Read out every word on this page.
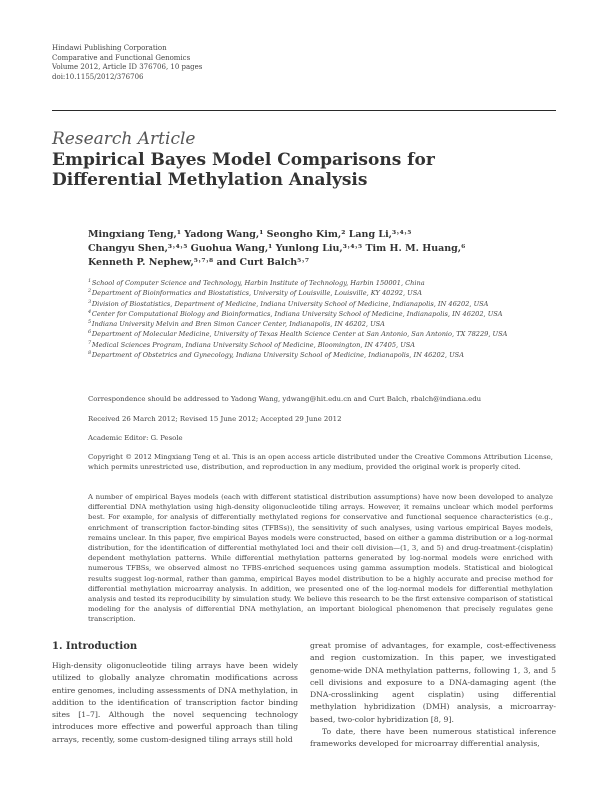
Hindawi Publishing Corporation
Comparative and Functional Genomics
Volume 2012, Article ID 376706, 10 pages
doi:10.1155/2012/376706
Research Article
Empirical Bayes Model Comparisons for
Differential Methylation Analysis
Mingxiang Teng,¹ Yadong Wang,¹ Seongho Kim,² Lang Li,³˒⁴˒⁵
Changyu Shen,³˒⁴˒⁵ Guohua Wang,¹ Yunlong Liu,³˒⁴˒⁵ Tim H. M. Huang,⁶
Kenneth P. Nephew,⁵˒⁷˒⁸ and Curt Balch⁵˒⁷
$^1$ School of Computer Science and Technology, Harbin Institute of Technology, Harbin 150001, China
$^2$ Department of Bioinformatics and Biostatistics, University of Louisville, Louisville, KY 40292, USA
$^3$ Division of Biostatistics, Department of Medicine, Indiana University School of Medicine, Indianapolis, IN 46202, USA
$^4$ Center for Computational Biology and Bioinformatics, Indiana University School of Medicine, Indianapolis, IN 46202, USA
$^5$ Indiana University Melvin and Bren Simon Cancer Center, Indianapolis, IN 46202, USA
$^6$ Department of Molecular Medicine, University of Texas Health Science Center at San Antonio, San Antonio, TX 78229, USA
$^7$ Medical Sciences Program, Indiana University School of Medicine, Bloomington, IN 47405, USA
$^8$ Department of Obstetrics and Gynecology, Indiana University School of Medicine, Indianapolis, IN 46202, USA
Correspondence should be addressed to Yadong Wang, ydwang@hit.edu.cn and Curt Balch, rbalch@indiana.edu
Received 26 March 2012; Revised 15 June 2012; Accepted 29 June 2012
Academic Editor: G. Pesole
Copyright © 2012 Mingxiang Teng et al. This is an open access article distributed under the Creative Commons Attribution License, which permits unrestricted use, distribution, and reproduction in any medium, provided the original work is properly cited.
A number of empirical Bayes models (each with different statistical distribution assumptions) have now been developed to analyze differential DNA methylation using high-density oligonucleotide tiling arrays. However, it remains unclear which model performs best. For example, for analysis of differentially methylated regions for conservative and functional sequence characteristics (e.g., enrichment of transcription factor-binding sites (TFBSs)), the sensitivity of such analyses, using various empirical Bayes models, remains unclear. In this paper, five empirical Bayes models were constructed, based on either a gamma distribution or a log-normal distribution, for the identification of differential methylated loci and their cell division—(1, 3, and 5) and drug-treatment-(cisplatin) dependent methylation patterns. While differential methylation patterns generated by log-normal models were enriched with numerous TFBSs, we observed almost no TFBS-enriched sequences using gamma assumption models. Statistical and biological results suggest log-normal, rather than gamma, empirical Bayes model distribution to be a highly accurate and precise method for differential methylation microarray analysis. In addition, we presented one of the log-normal models for differential methylation analysis and tested its reproducibility by simulation study. We believe this research to be the first extensive comparison of statistical modeling for the analysis of differential DNA methylation, an important biological phenomenon that precisely regulates gene transcription.
1. Introduction
High-density oligonucleotide tiling arrays have been widely utilized to globally analyze chromatin modifications across entire genomes, including assessments of DNA methylation, in addition to the identification of transcription factor binding sites [1–7]. Although the novel sequencing technology introduces more effective and powerful approach than tiling arrays, recently, some custom-designed tiling arrays still hold
great promise of advantages, for example, cost-effectiveness and region customization. In this paper, we investigated genome-wide DNA methylation patterns, following 1, 3, and 5 cell divisions and exposure to a DNA-damaging agent (the DNA-crosslinking agent cisplatin) using differential methylation hybridization (DMH) analysis, a microarray-based, two-color hybridization [8, 9].
To date, there have been numerous statistical inference frameworks developed for microarray differential analysis,
